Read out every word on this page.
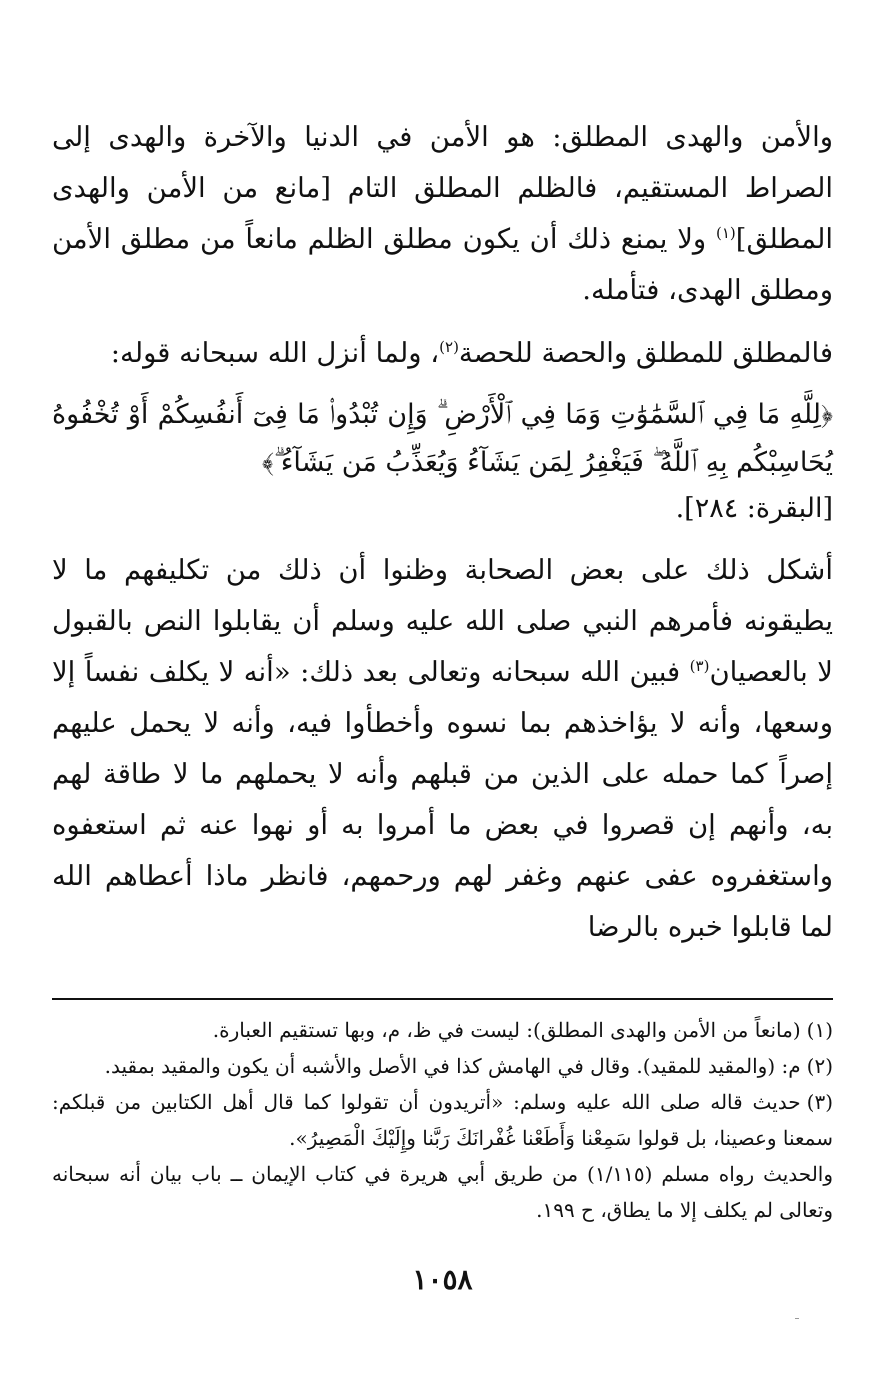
والأمن والهدى المطلق: هو الأمن في الدنيا والآخرة والهدى إلى الصراط المستقيم، فالظلم المطلق التام [مانع من الأمن والهدى المطلق]$^{(١)}$ ولا يمنع ذلك أن يكون مطلق الظلم مانعاً من مطلق الأمن ومطلق الهدى، فتأمله.

فالمطلق للمطلق والحصة للحصة$^{(٢)}$، ولما أنزل الله سبحانه قوله:

﴿لِلَّهِ مَا فِي ٱلسَّمَٰوَٰتِ وَمَا فِي ٱلْأَرْضِ ۗ وَإِن تُبْدُوا۟ مَا فِىٓ أَنفُسِكُمْ أَوْ تُخْفُوهُ يُحَاسِبْكُم بِهِ ٱللَّهُ ۖ فَيَغْفِرُ لِمَن يَشَآءُ وَيُعَذِّبُ مَن يَشَآءُ ۗ﴾

[البقرة: ٢٨٤].

أشكل ذلك على بعض الصحابة وظنوا أن ذلك من تكليفهم ما لا يطيقونه فأمرهم النبي صلى الله عليه وسلم أن يقابلوا النص بالقبول لا بالعصيان$^{(٣)}$ فبين الله سبحانه وتعالى بعد ذلك: «أنه لا يكلف نفساً إلا وسعها، وأنه لا يؤاخذهم بما نسوه وأخطأوا فيه، وأنه لا يحمل عليهم إصراً كما حمله على الذين من قبلهم وأنه لا يحملهم ما لا طاقة لهم به، وأنهم إن قصروا في بعض ما أمروا به أو نهوا عنه ثم استعفوه واستغفروه عفى عنهم وغفر لهم ورحمهم، فانظر ماذا أعطاهم الله لما قابلوا خبره بالرضا

(١)(مانعاً من الأمن والهدى المطلق): ليست في ظ، م، وبها تستقيم العبارة.

(٢)م: (والمقيد للمقيد). وقال في الهامش كذا في الأصل والأشبه أن يكون والمقيد بمقيد.

(٣)حديث قاله صلى الله عليه وسلم: «أتريدون أن تقولوا كما قال أهل الكتابين من قبلكم: سمعنا وعصينا، بل قولوا سَمِعْنا وَأَطَعْنا غُفْرانَكَ رَبَّنا وإِلَيْكَ الْمَصِيرُ».

والحديث رواه مسلم (١/١١٥) من طريق أبي هريرة في كتاب الإيمان ــ باب بيان أنه سبحانه وتعالى لم يكلف إلا ما يطاق، ح ١٩٩.

١٠٥٨
